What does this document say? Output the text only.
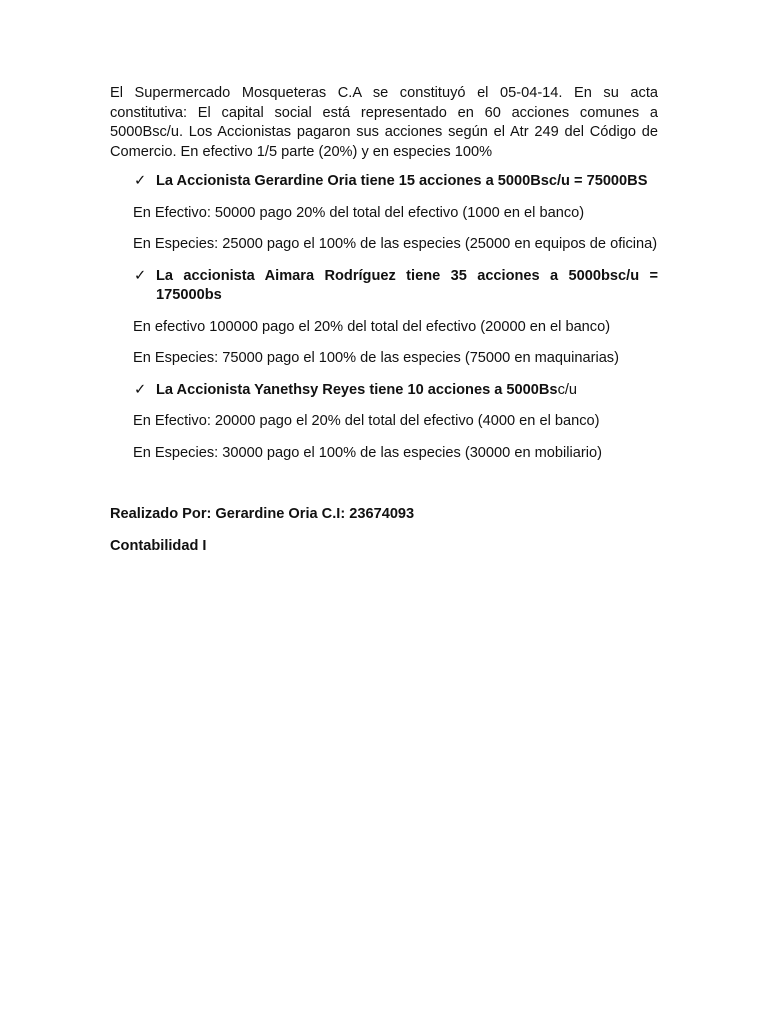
El Supermercado Mosqueteras C.A se constituyó el 05-04-14. En su acta constitutiva: El capital social está representado en 60 acciones comunes a 5000Bsc/u. Los Accionistas pagaron sus acciones según el Atr 249 del Código de Comercio. En efectivo 1/5 parte (20%) y en especies 100%

✓ La Accionista Gerardine Oria tiene 15 acciones a 5000Bsc/u = 75000BS

En Efectivo: 50000 pago 20% del total del efectivo (1000 en el banco)

En Especies: 25000 pago el 100% de las especies (25000 en equipos de oficina)

✓ La accionista Aimara Rodríguez tiene 35 acciones a 5000bsc/u = 175000bs

En efectivo 100000 pago el 20% del total del efectivo (20000 en el banco)

En Especies: 75000 pago el 100% de las especies (75000 en maquinarias)

✓ La Accionista Yanethsy Reyes tiene 10 acciones a 5000Bsc/u

En Efectivo: 20000 pago el 20% del total del efectivo (4000 en el banco)

En Especies: 30000 pago el 100% de las especies (30000 en mobiliario)

Realizado Por: Gerardine Oria C.I: 23674093

Contabilidad I
